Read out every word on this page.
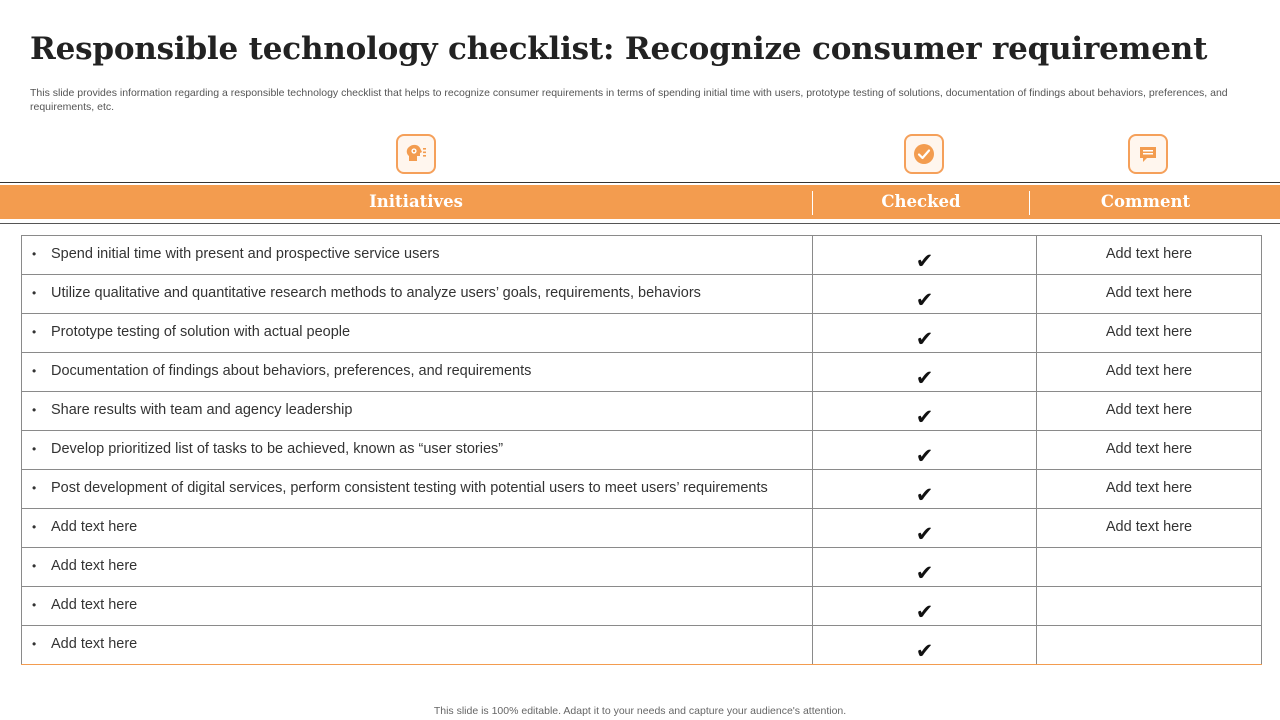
Responsible technology checklist: Recognize consumer requirement

This slide provides information regarding a responsible technology checklist that helps to recognize consumer requirements in terms of spending initial time with users, prototype testing of solutions, documentation of findings about behaviors, preferences, and requirements, etc.

Initiatives	Checked	Comment
• Spend initial time with present and prospective service users	✔	Add text here
• Utilize qualitative and quantitative research methods to analyze users’ goals, requirements, behaviors	✔	Add text here
• Prototype testing of solution with actual people	✔	Add text here
• Documentation of findings about behaviors, preferences, and requirements	✔	Add text here
• Share results with team and agency leadership	✔	Add text here
• Develop prioritized list of tasks to be achieved, known as “user stories”	✔	Add text here
• Post development of digital services, perform consistent testing with potential users to meet users’ requirements	✔	Add text here
• Add text here	✔	Add text here
• Add text here	✔	
• Add text here	✔	
• Add text here	✔	
This slide is 100% editable. Adapt it to your needs and capture your audience's attention.
